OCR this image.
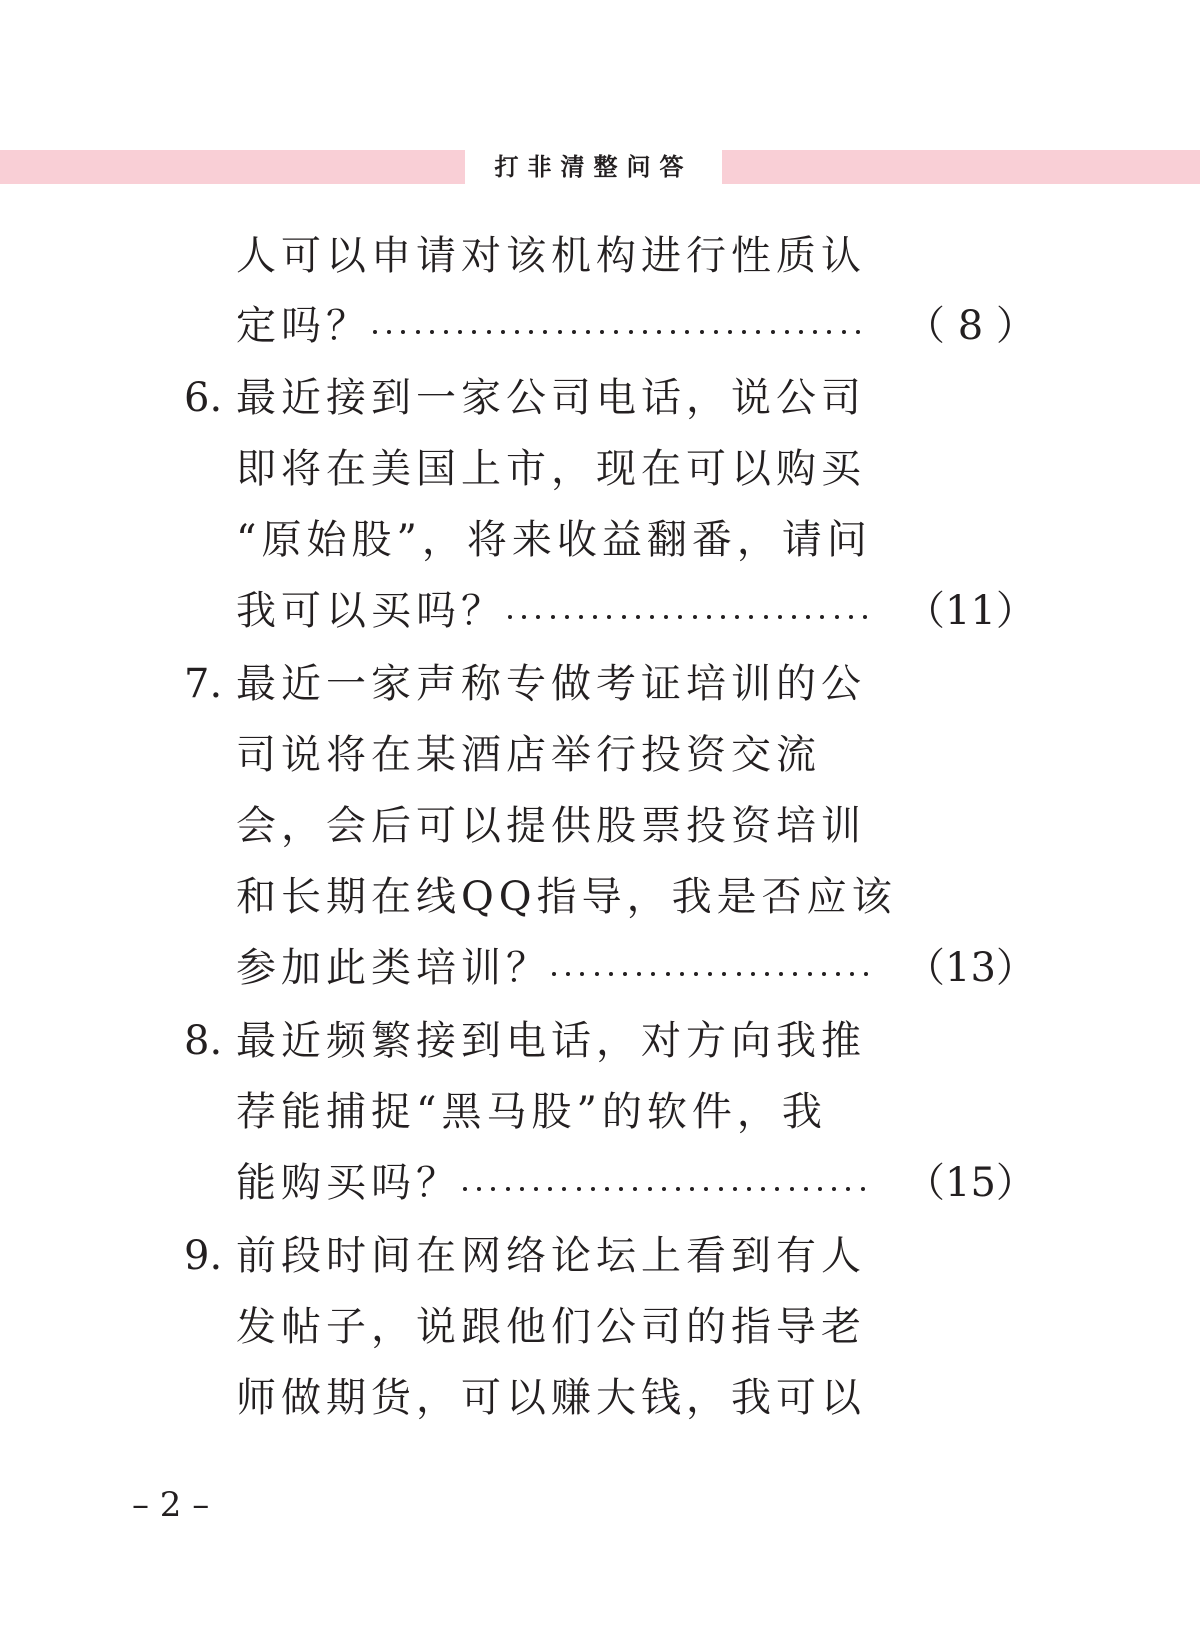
打非清整问答
人可以申请对该机构进行性质认
定吗？	（ 8 ）
6. 最近接到一家公司电话，说公司
即将在美国上市，现在可以购买
“原始股”，将来收益翻番，请问
我可以买吗？	（11）
7. 最近一家声称专做考证培训的公
司说将在某酒店举行投资交流
会，会后可以提供股票投资培训
和长期在线QQ指导，我是否应该
参加此类培训？	（13）
8. 最近频繁接到电话，对方向我推
荐能捕捉“黑马股”的软件，我
能购买吗？	（15）
9. 前段时间在网络论坛上看到有人
发帖子，说跟他们公司的指导老
师做期货，可以赚大钱，我可以
– 2 –
